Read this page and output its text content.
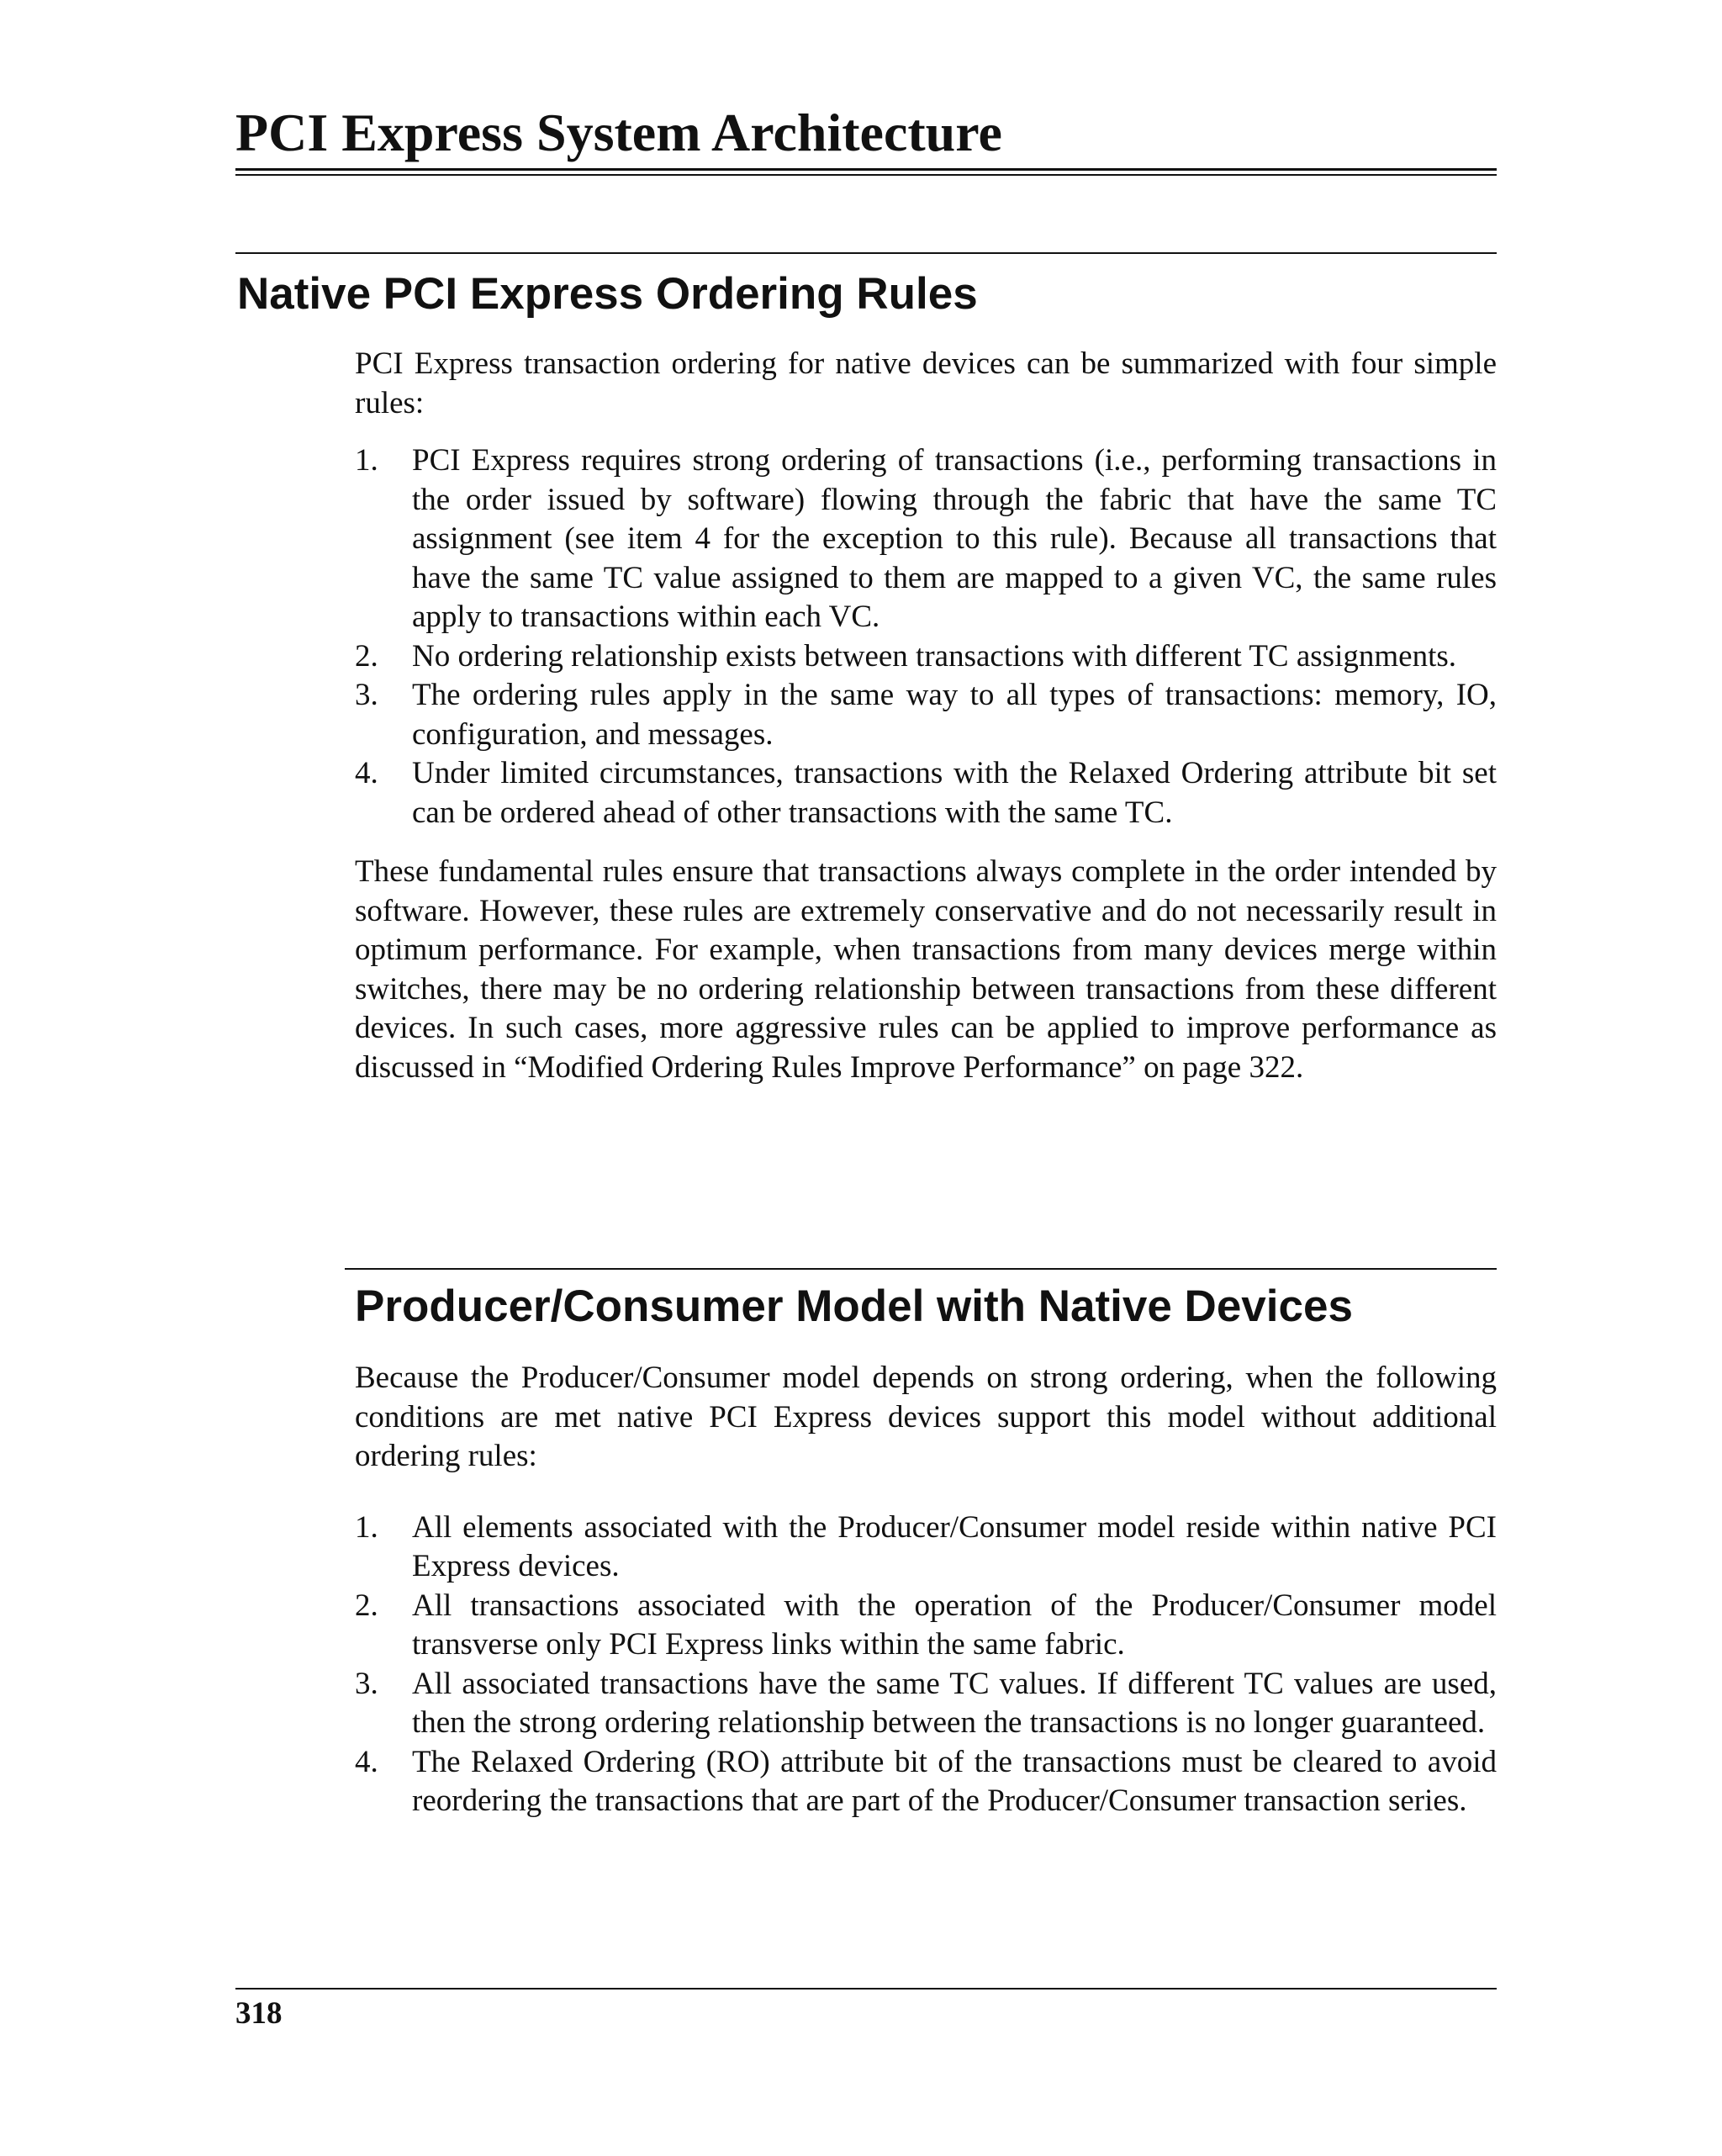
PCI Express System Architecture
Native PCI Express Ordering Rules

PCI Express transaction ordering for native devices can be summarized with four simple rules:

1. PCI Express requires strong ordering of transactions (i.e., performing transactions in the order issued by software) flowing through the fabric that have the same TC assignment (see item 4 for the exception to this rule). Because all transactions that have the same TC value assigned to them are mapped to a given VC, the same rules apply to transactions within each VC.
2. No ordering relationship exists between transactions with different TC assignments.
3. The ordering rules apply in the same way to all types of transactions: memory, IO, configuration, and messages.
4. Under limited circumstances, transactions with the Relaxed Ordering attribute bit set can be ordered ahead of other transactions with the same TC.

These fundamental rules ensure that transactions always complete in the order intended by software. However, these rules are extremely conservative and do not necessarily result in optimum performance. For example, when transactions from many devices merge within switches, there may be no ordering relationship between transactions from these different devices. In such cases, more aggressive rules can be applied to improve performance as discussed in “Modified Ordering Rules Improve Performance” on page 322.

Producer/Consumer Model with Native Devices

Because the Producer/Consumer model depends on strong ordering, when the following conditions are met native PCI Express devices support this model without additional ordering rules:

1. All elements associated with the Producer/Consumer model reside within native PCI Express devices.
2. All transactions associated with the operation of the Producer/Consumer model transverse only PCI Express links within the same fabric.
3. All associated transactions have the same TC values. If different TC values are used, then the strong ordering relationship between the transactions is no longer guaranteed.
4. The Relaxed Ordering (RO) attribute bit of the transactions must be cleared to avoid reordering the transactions that are part of the Producer/Consumer transaction series.
318
